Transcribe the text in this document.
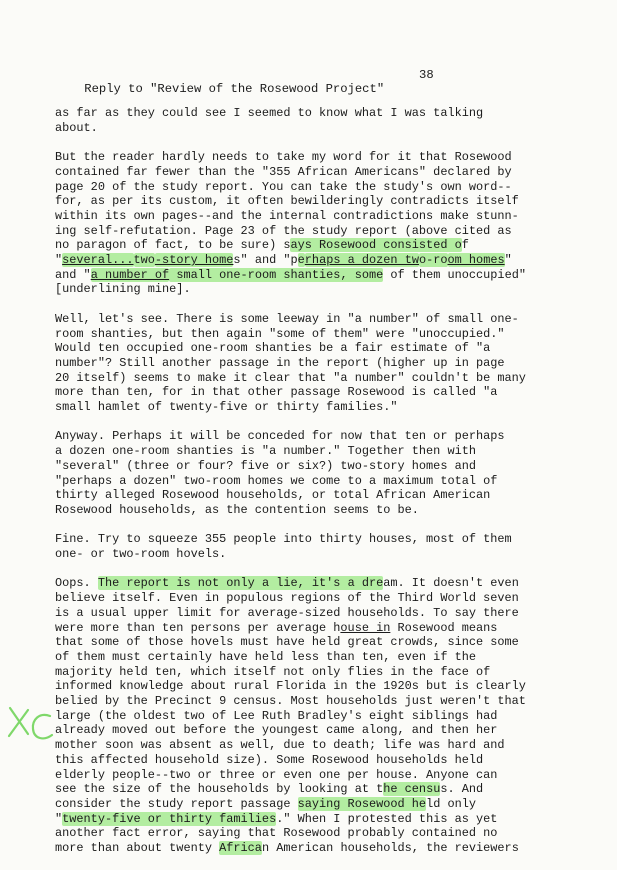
Reply to "Review of the Rosewood Project"

38

as far as they could see I seemed to know what I was talking
about.

But the reader hardly needs to take my word for it that Rosewood
contained far fewer than the "355 African Americans" declared by
page 20 of the study report. You can take the study's own word--
for, as per its custom, it often bewilderingly contradicts itself
within its own pages--and the internal contradictions make stunn-
ing self-refutation. Page 23 of the study report (above cited as
no paragon of fact, to be sure) says Rosewood consisted of
"several...two-story homes" and "perhaps a dozen two-room homes"
and "a number of small one-room shanties, some of them unoccupied"
[underlining mine].

Well, let's see. There is some leeway in "a number" of small one-
room shanties, but then again "some of them" were "unoccupied."
Would ten occupied one-room shanties be a fair estimate of "a
number"? Still another passage in the report (higher up in page
20 itself) seems to make it clear that "a number" couldn't be many
more than ten, for in that other passage Rosewood is called "a
small hamlet of twenty-five or thirty families."

Anyway. Perhaps it will be conceded for now that ten or perhaps
a dozen one-room shanties is "a number." Together then with
"several" (three or four? five or six?) two-story homes and
"perhaps a dozen" two-room homes we come to a maximum total of
thirty alleged Rosewood households, or total African American
Rosewood households, as the contention seems to be.

Fine. Try to squeeze 355 people into thirty houses, most of them
one- or two-room hovels.

Oops. The report is not only a lie, it's a dream. It doesn't even
believe itself. Even in populous regions of the Third World seven
is a usual upper limit for average-sized households. To say there
were more than ten persons per average house in Rosewood means
that some of those hovels must have held great crowds, since some
of them must certainly have held less than ten, even if the
majority held ten, which itself not only flies in the face of
informed knowledge about rural Florida in the 1920s but is clearly
belied by the Precinct 9 census. Most households just weren't that
large (the oldest two of Lee Ruth Bradley's eight siblings had
already moved out before the youngest came along, and then her
mother soon was absent as well, due to death; life was hard and
this affected household size). Some Rosewood households held
elderly people--two or three or even one per house. Anyone can
see the size of the households by looking at the census. And
consider the study report passage saying Rosewood held only
"twenty-five or thirty families." When I protested this as yet
another fact error, saying that Rosewood probably contained no
more than about twenty African American households, the reviewers
